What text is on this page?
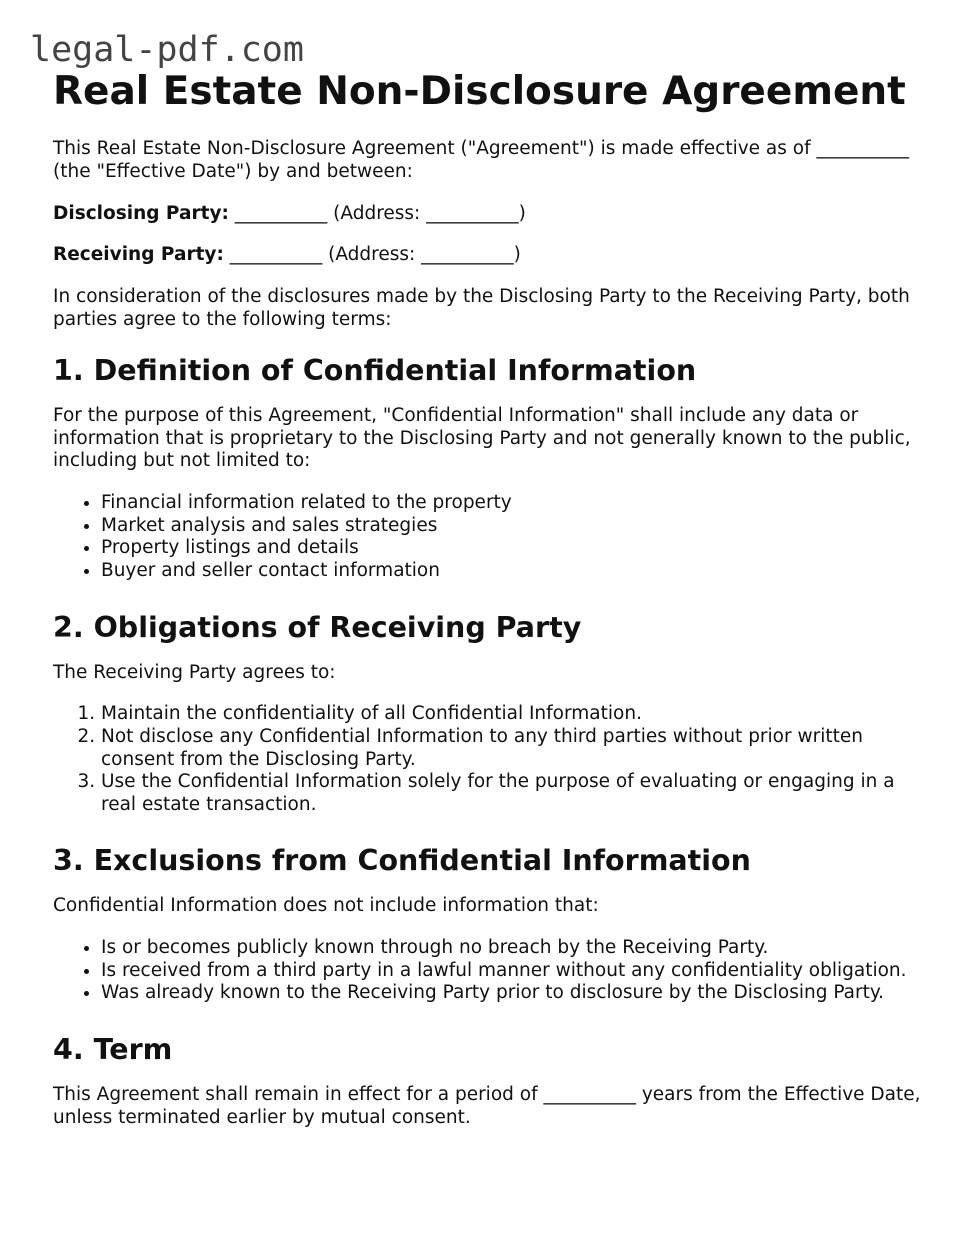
legal-pdf.com
Real Estate Non-Disclosure Agreement

This Real Estate Non-Disclosure Agreement ("Agreement") is made effective as of __________ (the "Effective Date") by and between:

Disclosing Party: __________ (Address: __________)

Receiving Party: __________ (Address: __________)

In consideration of the disclosures made by the Disclosing Party to the Receiving Party, both parties agree to the following terms:

1. Definition of Confidential Information

For the purpose of this Agreement, "Confidential Information" shall include any data or information that is proprietary to the Disclosing Party and not generally known to the public, including but not limited to:

• Financial information related to the property
• Market analysis and sales strategies
• Property listings and details
• Buyer and seller contact information
2. Obligations of Receiving Party

The Receiving Party agrees to:

1. Maintain the confidentiality of all Confidential Information.
2. Not disclose any Confidential Information to any third parties without prior written consent from the Disclosing Party.
3. Use the Confidential Information solely for the purpose of evaluating or engaging in a real estate transaction.
3. Exclusions from Confidential Information

Confidential Information does not include information that:

• Is or becomes publicly known through no breach by the Receiving Party.
• Is received from a third party in a lawful manner without any confidentiality obligation.
• Was already known to the Receiving Party prior to disclosure by the Disclosing Party.
4. Term

This Agreement shall remain in effect for a period of __________ years from the Effective Date, unless terminated earlier by mutual consent.
